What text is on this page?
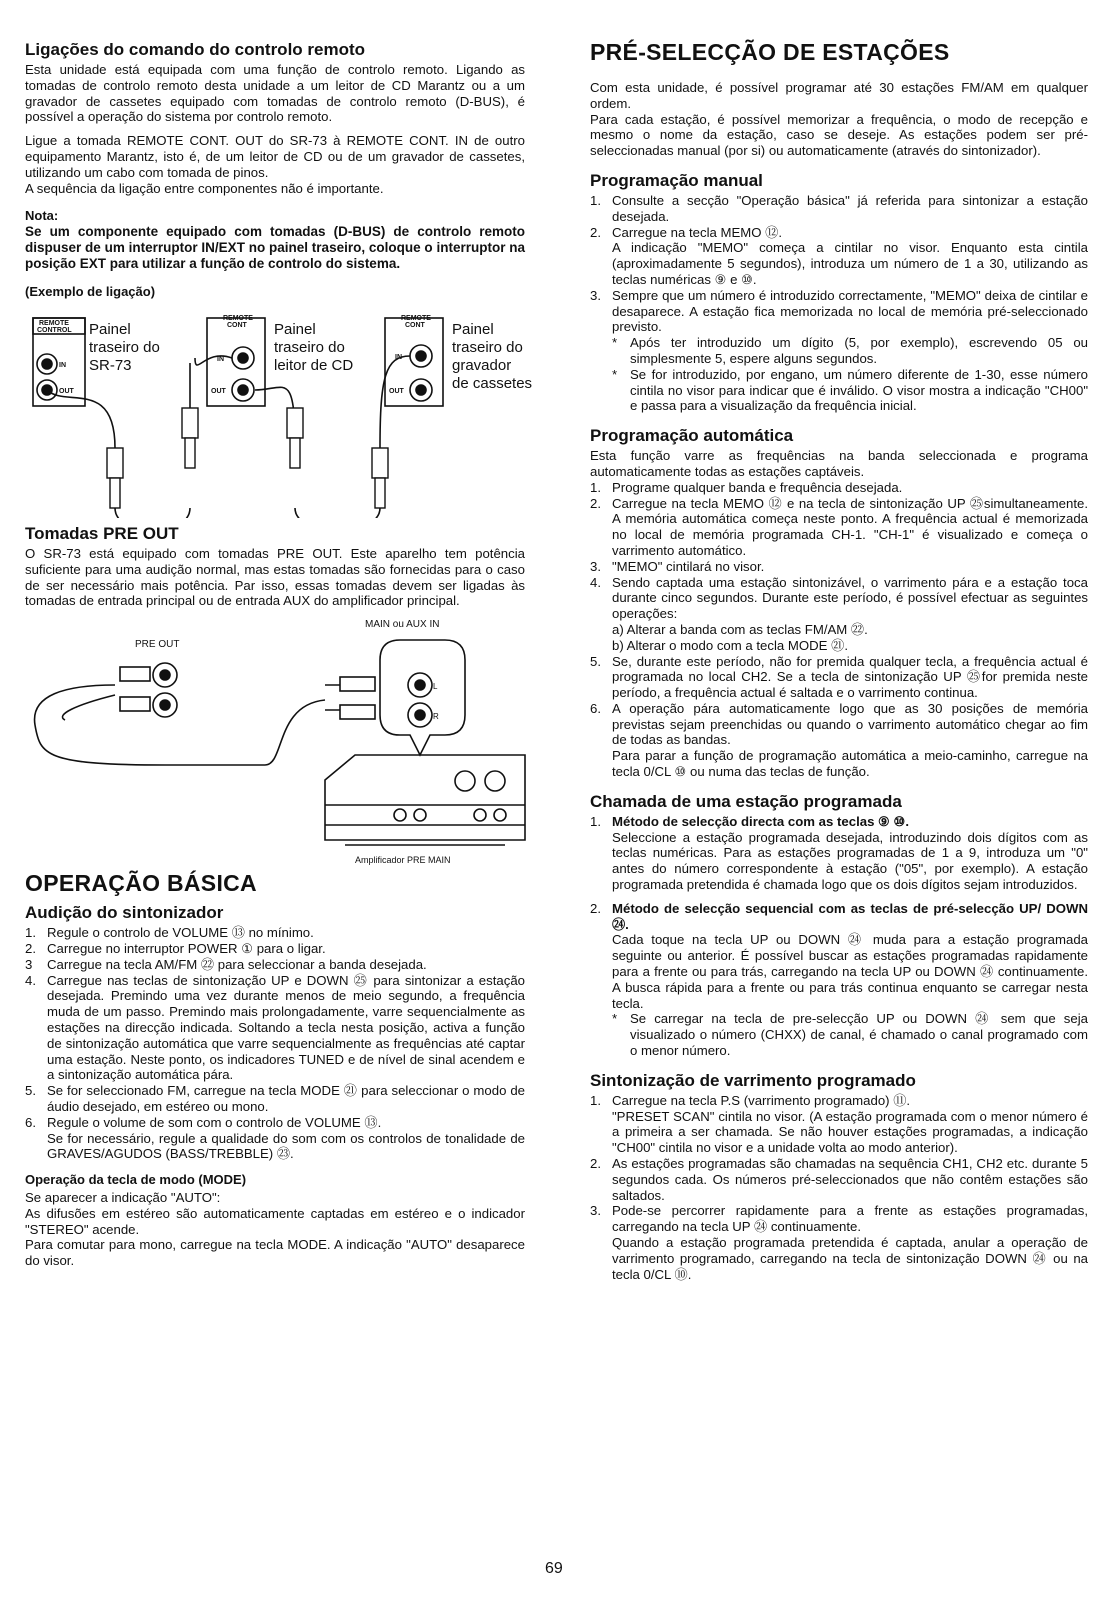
Ligações do comando do controlo remoto

Esta unidade está equipada com uma função de controlo remoto. Ligando as tomadas de controlo remoto desta unidade a um leitor de CD Marantz ou a um gravador de cassetes equipado com tomadas de controlo remoto (D-BUS), é possível a operação do sistema por controlo remoto.

Ligue a tomada REMOTE CONT. OUT do SR-73 à REMOTE CONT. IN de outro equipamento Marantz, isto é, de um leitor de CD ou de um gravador de cassetes, utilizando um cabo com tomada de pinos.

A sequência da ligação entre componentes não é importante.

Nota:
Se um componente equipado com tomadas (D-BUS) de controlo remoto dispuser de um interruptor IN/EXT no painel traseiro, coloque o interruptor na posição EXT para utilizar a função de controlo do sistema.
(Exemplo de ligação)
REMOTE
CONTROL
REMOTE
CONT
REMOTE
CONT
IN
OUT
IN
OUT
IN
OUT
Painel
traseiro do
SR-73
Painel
traseiro do
leitor de CD
Painel
traseiro do
gravador
de cassetes
Tomadas PRE OUT

O SR-73 está equipado com tomadas PRE OUT. Este aparelho tem potência suficiente para uma audição normal, mas estas tomadas são fornecidas para o caso de ser necessário mais potência. Par isso, essas tomadas devem ser ligadas às tomadas de entrada principal ou de entrada AUX do amplificador principal.

MAIN ou AUX IN
PRE OUT
Amplificador PRE MAIN
L
R
OPERAÇÃO BÁSICA
Audição do sintonizador
1. Regule o controlo de VOLUME ⑬ no mínimo.
2. Carregue no interruptor POWER ① para o ligar.
3 Carregue na tecla AM/FM ㉒ para seleccionar a banda desejada.
4. Carregue nas teclas de sintonização UP e DOWN ㉕ para sintonizar a estação desejada. Premindo uma vez durante menos de meio segundo, a frequência muda de um passo. Premindo mais prolongadamente, varre sequencialmente as estações na direcção indicada. Soltando a tecla nesta posição, activa a função de sintonização automática que varre sequencialmente as frequências até captar uma estação. Neste ponto, os indicadores TUNED e de nível de sinal acendem e a sintonização automática pára.
5. Se for seleccionado FM, carregue na tecla MODE ㉑ para seleccionar o modo de áudio desejado, em estéreo ou mono.
6. Regule o volume de som com o controlo de VOLUME ⑬.
Se for necessário, regule a qualidade do som com os controlos de tonalidade de GRAVES/AGUDOS (BASS/TREBBLE) ㉓.
Operação da tecla de modo (MODE)

Se aparecer a indicação "AUTO":

As difusões em estéreo são automaticamente captadas em estéreo e o indicador "STEREO" acende.

Para comutar para mono, carregue na tecla MODE. A indicação "AUTO" desaparece do visor.

PRÉ-SELECÇÃO DE ESTAÇÕES

Com esta unidade, é possível programar até 30 estações FM/AM em qualquer ordem.

Para cada estação, é possível memorizar a frequência, o modo de recepção e mesmo o nome da estação, caso se deseje. As estações podem ser pré-seleccionadas manual (por si) ou automaticamente (através do sintonizador).

Programação manual
1. Consulte a secção "Operação básica" já referida para sintonizar a estação desejada.
2. Carregue na tecla MEMO ⑫.
A indicação "MEMO" começa a cintilar no visor. Enquanto esta cintila (aproximadamente 5 segundos), introduza um número de 1 a 30, utilizando as teclas numéricas ⑨ e ⑩.
3. Sempre que um número é introduzido correctamente, "MEMO" deixa de cintilar e desaparece. A estação fica memorizada no local de memória pré-seleccionado previsto.
* Após ter introduzido um dígito (5, por exemplo), escrevendo 05 ou simplesmente 5, espere alguns segundos.
* Se for introduzido, por engano, um número diferente de 1-30, esse número cintila no visor para indicar que é inválido. O visor mostra a indicação "CH00" e passa para a visualização da frequência inicial.
Programação automática

Esta função varre as frequências na banda seleccionada e programa automaticamente todas as estações captáveis.

1. Programe qualquer banda e frequência desejada.
2. Carregue na tecla MEMO ⑫ e na tecla de sintonização UP ㉕simultaneamente. A memória automática começa neste ponto. A frequência actual é memorizada no local de memória programada CH-1. "CH-1" é visualizado e começa o varrimento automático.
3. "MEMO" cintilará no visor.
4. Sendo captada uma estação sintonizável, o varrimento pára e a estação toca durante cinco segundos. Durante este período, é possível efectuar as seguintes operações:
a) Alterar a banda com as teclas FM/AM ㉒.
b) Alterar o modo com a tecla MODE ㉑.
5. Se, durante este período, não for premida qualquer tecla, a frequência actual é programada no local CH2. Se a tecla de sintonização UP ㉕for premida neste período, a frequência actual é saltada e o varrimento continua.
6. A operação pára automaticamente logo que as 30 posições de memória previstas sejam preenchidas ou quando o varrimento automático chegar ao fim de todas as bandas.
Para parar a função de programação automática a meio-caminho, carregue na tecla 0/CL ⑩ ou numa das teclas de função.
Chamada de uma estação programada
1. Método de selecção directa com as teclas ⑨ ⑩.
Seleccione a estação programada desejada, introduzindo dois dígitos com as teclas numéricas. Para as estações programadas de 1 a 9, introduza um "0" antes do número correspondente à estação ("05", por exemplo). A estação programada pretendida é chamada logo que os dois dígitos sejam introduzidos.
2. Método de selecção sequencial com as teclas de pré-selecção UP/ DOWN ㉔.
Cada toque na tecla UP ou DOWN ㉔ muda para a estação programada seguinte ou anterior. É possível buscar as estações programadas rapidamente para a frente ou para trás, carregando na tecla UP ou DOWN ㉔ continuamente. A busca rápida para a frente ou para trás continua enquanto se carregar nesta tecla.
* Se carregar na tecla de pre-selecção UP ou DOWN ㉔ sem que seja visualizado o número (CHXX) de canal, é chamado o canal programado com o menor número.
Sintonização de varrimento programado
1. Carregue na tecla P.S (varrimento programado) ⑪.
"PRESET SCAN" cintila no visor. (A estação programada com o menor número é a primeira a ser chamada. Se não houver estações programadas, a indicação "CH00" cintila no visor e a unidade volta ao modo anterior).
2. As estações programadas são chamadas na sequência CH1, CH2 etc. durante 5 segundos cada. Os números pré-seleccionados que não contêm estações são saltados.
3. Pode-se percorrer rapidamente para a frente as estações programadas, carregando na tecla UP ㉔ continuamente.
Quando a estação programada pretendida é captada, anular a operação de varrimento programado, carregando na tecla de sintonização DOWN ㉔ ou na tecla 0/CL ⑩.
69
